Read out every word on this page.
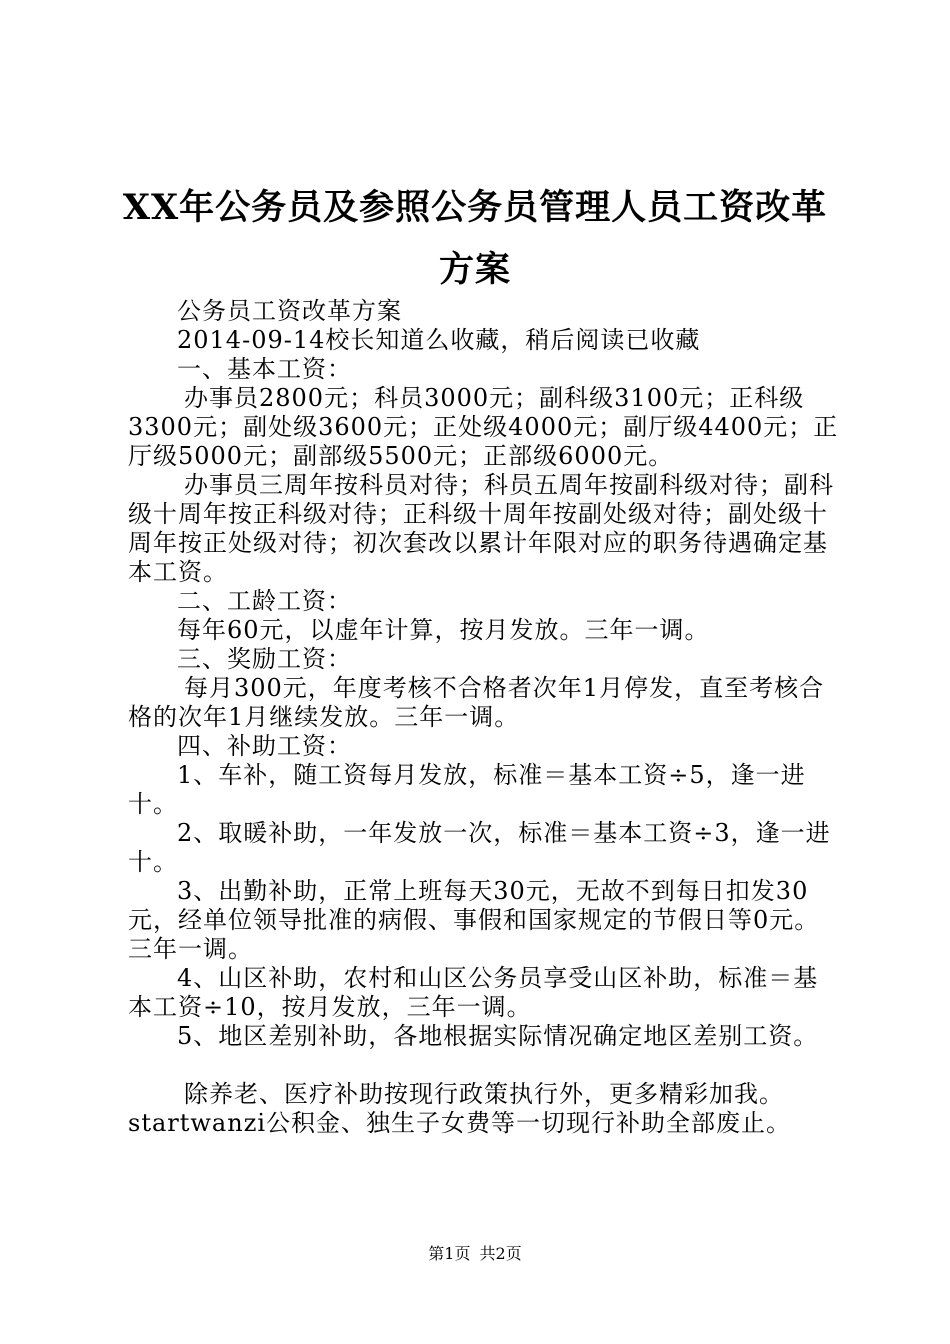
XX年公务员及参照公务员管理人员工资改革
方案

公务员工资改革方案

2014-09-14校长知道么收藏，稍后阅读已收藏

一、基本工资：

办事员2800元；科员3000元；副科级3100元；正科级3300元；副处级3600元；正处级4000元；副厅级4400元；正厅级5000元；副部级5500元；正部级6000元。

办事员三周年按科员对待；科员五周年按副科级对待；副科级十周年按正科级对待；正科级十周年按副处级对待；副处级十周年按正处级对待；初次套改以累计年限对应的职务待遇确定基本工资。

二、工龄工资：

每年60元，以虚年计算，按月发放。三年一调。

三、奖励工资：

每月300元，年度考核不合格者次年1月停发，直至考核合格的次年1月继续发放。三年一调。

四、补助工资：

1、车补，随工资每月发放，标准＝基本工资÷5，逢一进十。

2、取暖补助，一年发放一次，标准＝基本工资÷3，逢一进十。

3、出勤补助，正常上班每天30元，无故不到每日扣发30元，经单位领导批准的病假、事假和国家规定的节假日等0元。三年一调。

4、山区补助，农村和山区公务员享受山区补助，标准＝基本工资÷10，按月发放，三年一调。

5、地区差别补助，各地根据实际情况确定地区差别工资。

除养老、医疗补助按现行政策执行外，更多精彩加我。startwanzi公积金、独生子女费等一切现行补助全部废止。

第1页 共2页
